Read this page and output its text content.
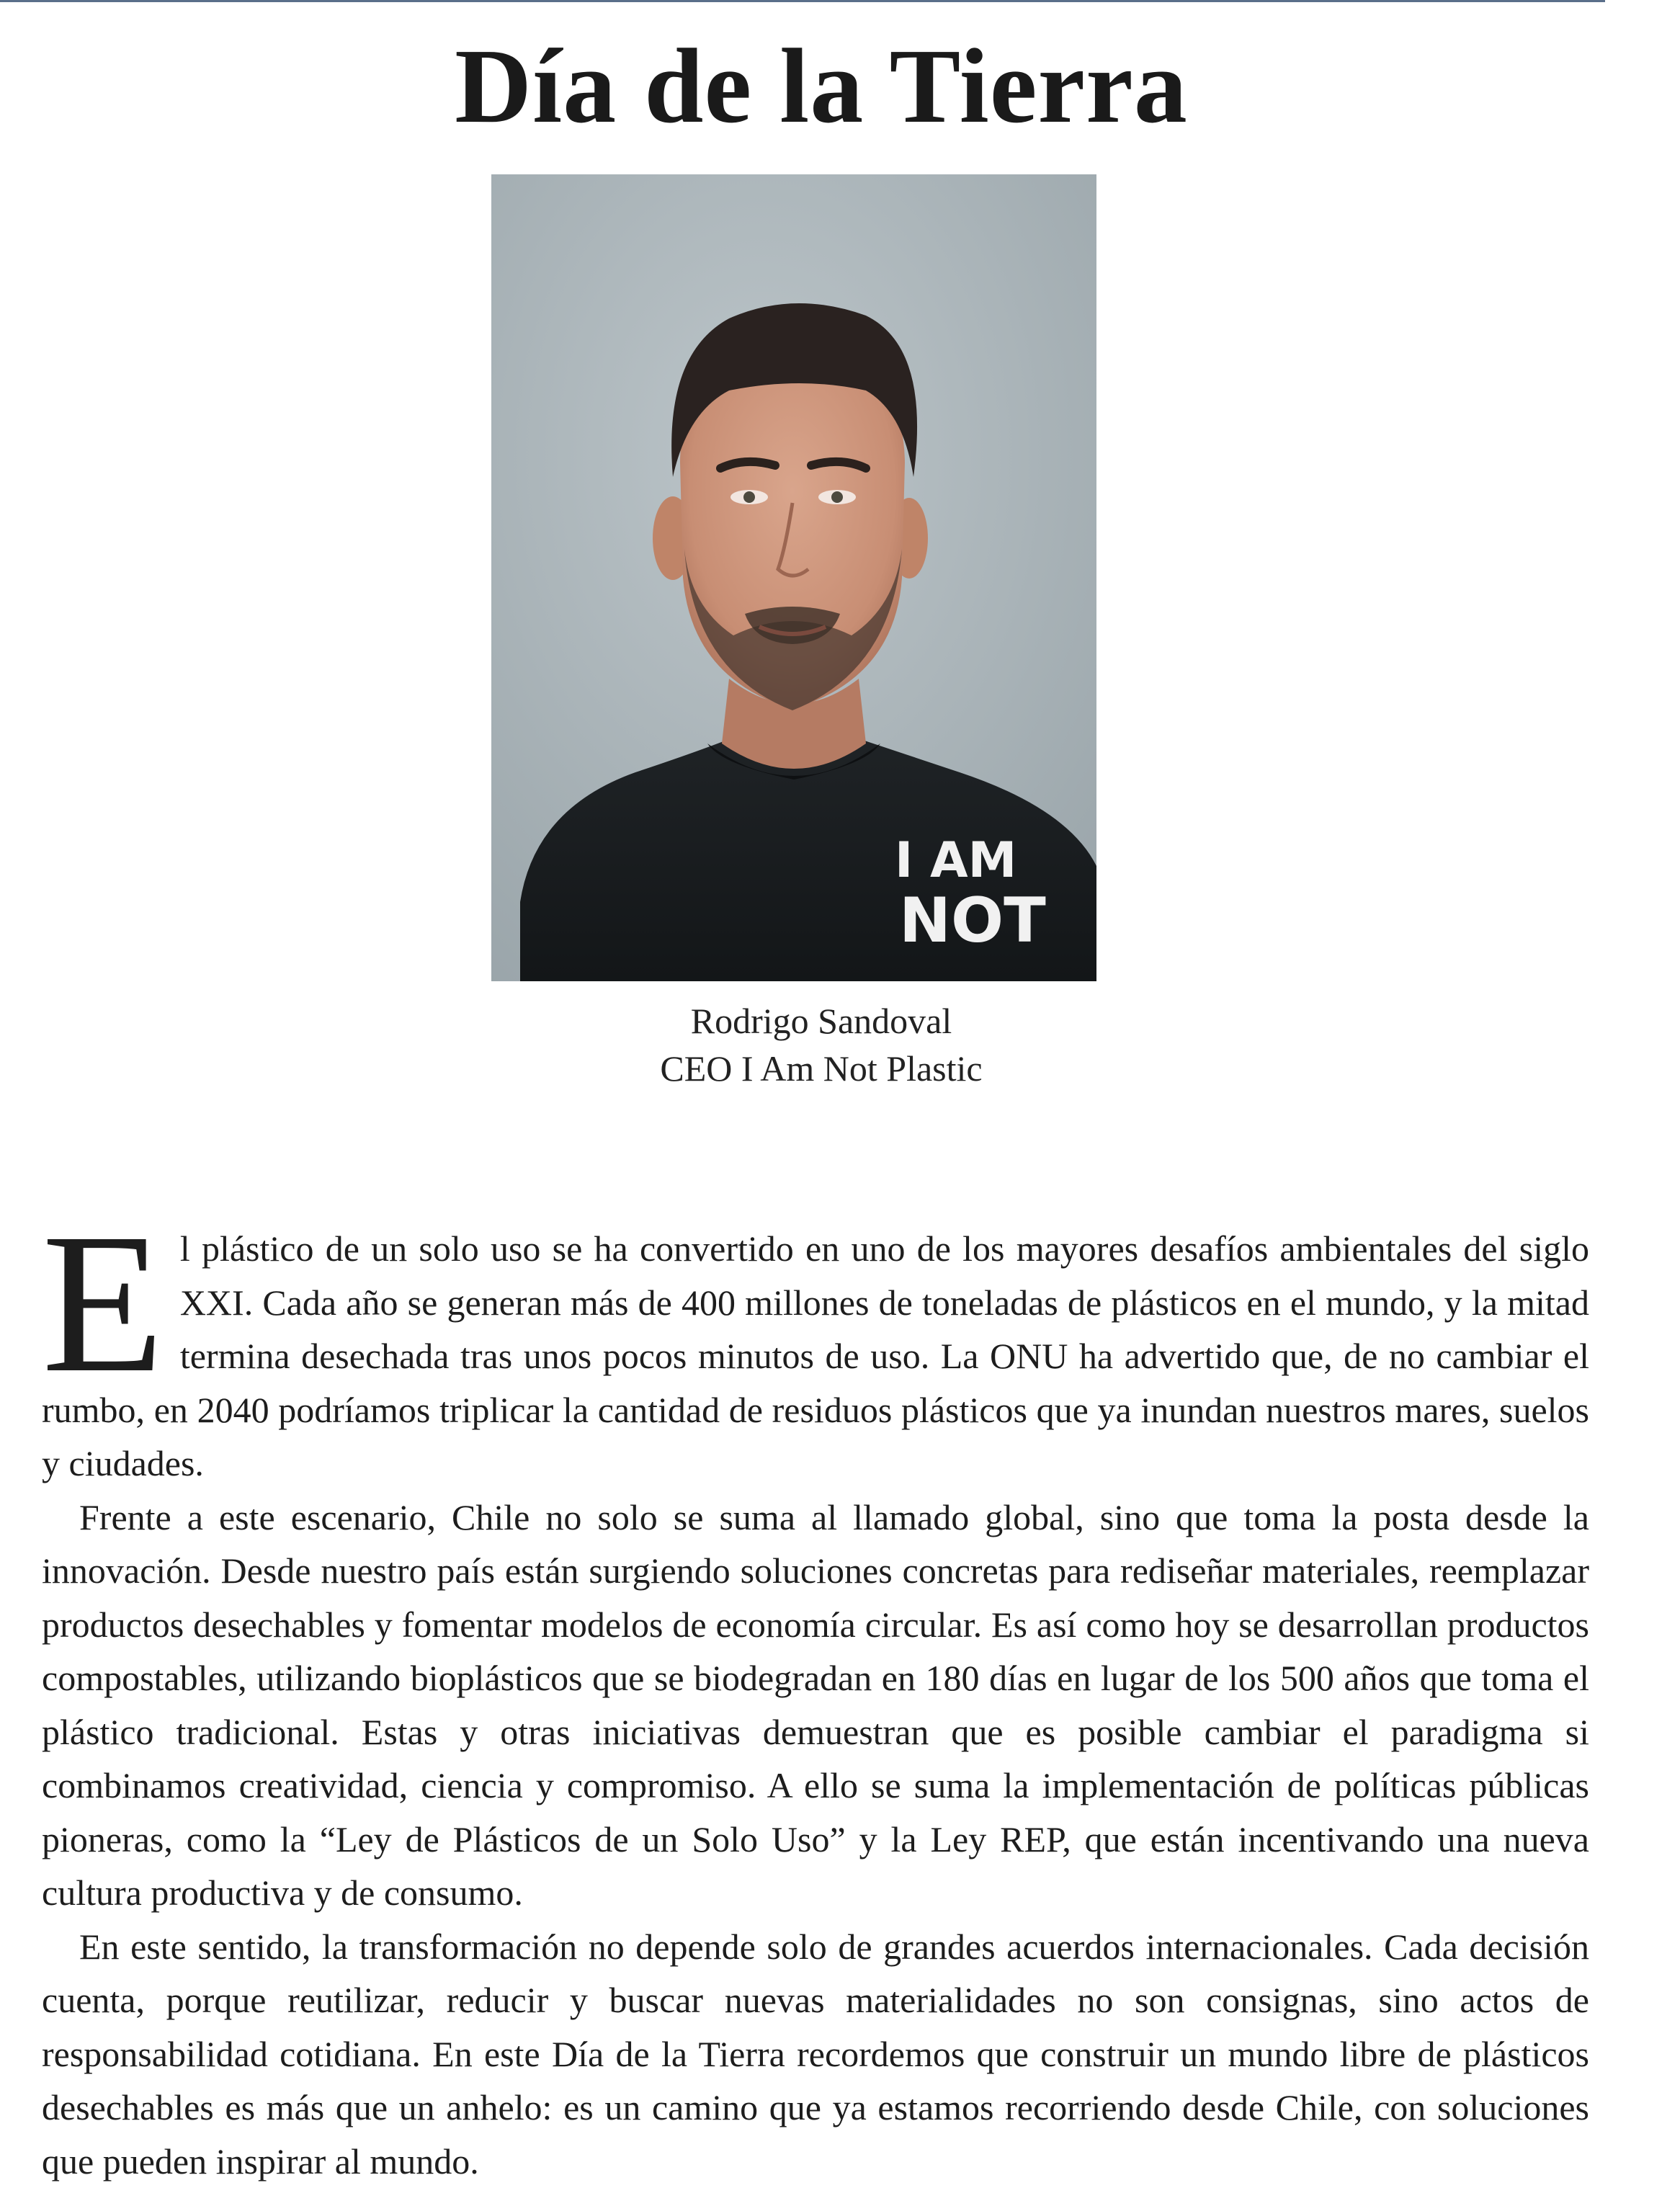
Día de la Tierra
I AM
NOT
Rodrigo Sandoval
CEO I Am Not Plastic

El plástico de un solo uso se ha convertido en uno de los mayores desafíos ambientales del siglo XXI. Cada año se generan más de 400 millones de toneladas de plásticos en el mundo, y la mitad termina desechada tras unos pocos minutos de uso. La ONU ha advertido que, de no cambiar el rumbo, en 2040 podríamos triplicar la cantidad de residuos plásticos que ya inundan nuestros mares, suelos y ciudades.

Frente a este escenario, Chile no solo se suma al llamado global, sino que toma la posta desde la innovación. Desde nuestro país están surgiendo soluciones concretas para rediseñar materiales, reemplazar productos desechables y fomentar modelos de economía circular. Es así como hoy se desarrollan productos compostables, utilizando bioplásticos que se biodegradan en 180 días en lugar de los 500 años que toma el plástico tradicional. Estas y otras iniciativas demuestran que es posible cambiar el paradigma si combinamos creatividad, ciencia y compromiso. A ello se suma la implementación de políticas públicas pioneras, como la “Ley de Plásticos de un Solo Uso” y la Ley REP, que están incentivando una nueva cultura productiva y de consumo.

En este sentido, la transformación no depende solo de grandes acuerdos internacionales. Cada decisión cuenta, porque reutilizar, reducir y buscar nuevas materialidades no son consignas, sino actos de responsabilidad cotidiana. En este Día de la Tierra recordemos que construir un mundo libre de plásticos desechables es más que un anhelo: es un camino que ya estamos recorriendo desde Chile, con soluciones que pueden inspirar al mundo.
